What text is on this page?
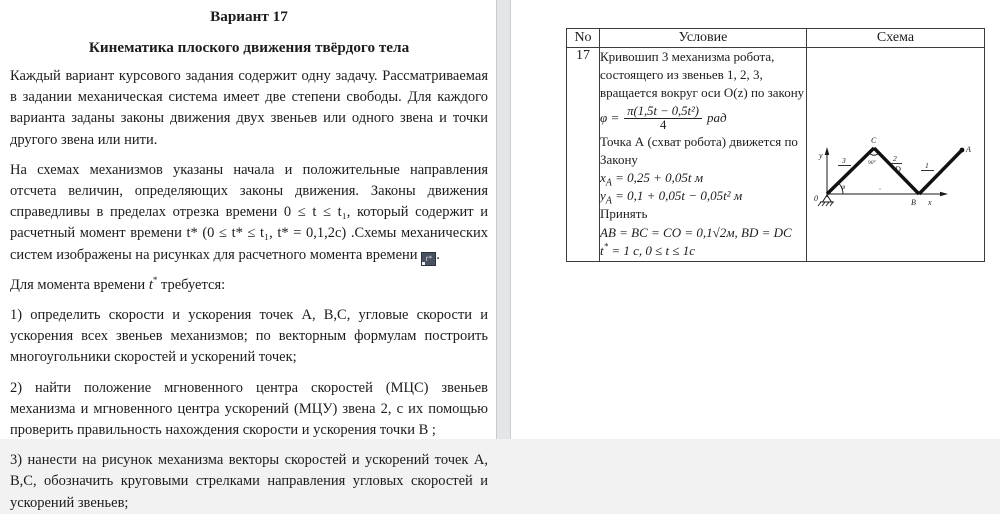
Вариант 17
Кинематика плоского движения твёрдого тела

Каждый вариант курсового задания содержит одну задачу. Рассматриваемая в задании механическая система имеет две степени свободы. Для каждого варианта заданы законы движения двух звеньев или одного звена и точки другого звена или нити.

На схемах механизмов указаны начала и положительные направления отсчета величин, определяющих законы движения. Законы движения справедливы в пределах отрезка времени 0 ≤ t ≤ t₁, который содержит и расчетный момент времени t* (0 ≤ t* ≤ t₁, t* = 0,1,2c) .Схемы механических систем изображены на рисунках для расчетного момента времени t* .

Для момента времени t* требуется:

1) определить скорости и ускорения точек А, В,С, угловые скорости и ускорения всех звеньев механизмов; по векторным формулам построить многоугольники скоростей и ускорений точек;

2) найти положение мгновенного центра скоростей (МЦС) звеньев механизма и мгновенного центра ускорений (МЦУ) звена 2, с их помощью проверить правильность нахождения скорости и ускорения точки В ;

3) нанести на рисунок механизма векторы скоростей и ускорений точек А, В,С, обозначить круговыми стрелками направления угловых скоростей и ускорений звеньев;

No	Условие	Схема
17	Кривошип 3 механизма робота,
состоящего из звеньев 1, 2, 3,
вращается вокруг оси O(z) по закону
$\varphi = \frac{\text{π(1,5t − 0,5t²)}}{4}$ рад
Точка А (схват робота) движется по
Закону
$x_A = 0,25 + 0,05t$ м
$y_A = 0,1 + 0,05t - 0,05t^2$ м
Принять
AB = BC = CO = 0,1√2м, BD = DC
t* = 1 c, 0 ≤ t ≤ 1c

y
x
0
C
A
B
D
3	2
1
φ
90°
